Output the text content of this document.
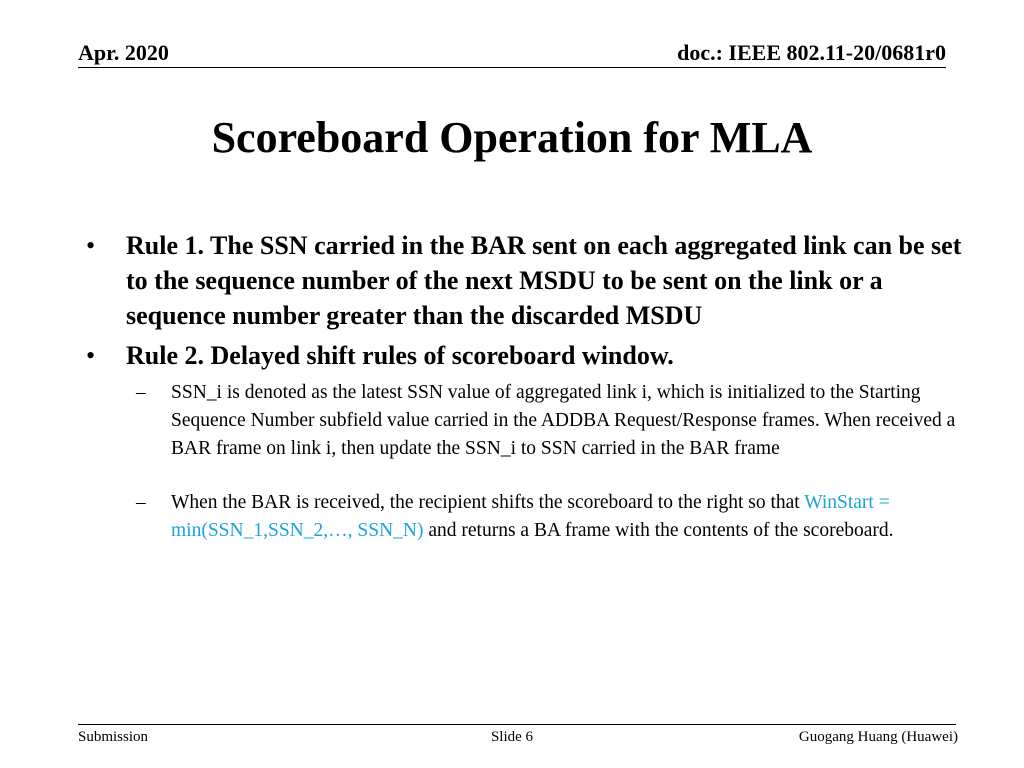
Apr. 2020	doc.: IEEE 802.11-20/0681r0
Scoreboard Operation for MLA
• Rule 1. The SSN carried in the BAR sent on each aggregated link can be set to the sequence number of the next MSDU to be sent on the link or a sequence number greater than the discarded MSDU
• Rule 2. Delayed shift rules of scoreboard window.
– SSN_i is denoted as the latest SSN value of aggregated link i, which is initialized to the Starting Sequence Number subfield value carried in the ADDBA Request/Response frames. When received a BAR frame on link i, then update the SSN_i to SSN carried in the BAR frame
– When the BAR is received, the recipient shifts the scoreboard to the right so that WinStart = min(SSN_1,SSN_2,…, SSN_N) and returns a BA frame with the contents of the scoreboard.
Submission	Slide 6	Guogang Huang (Huawei)
